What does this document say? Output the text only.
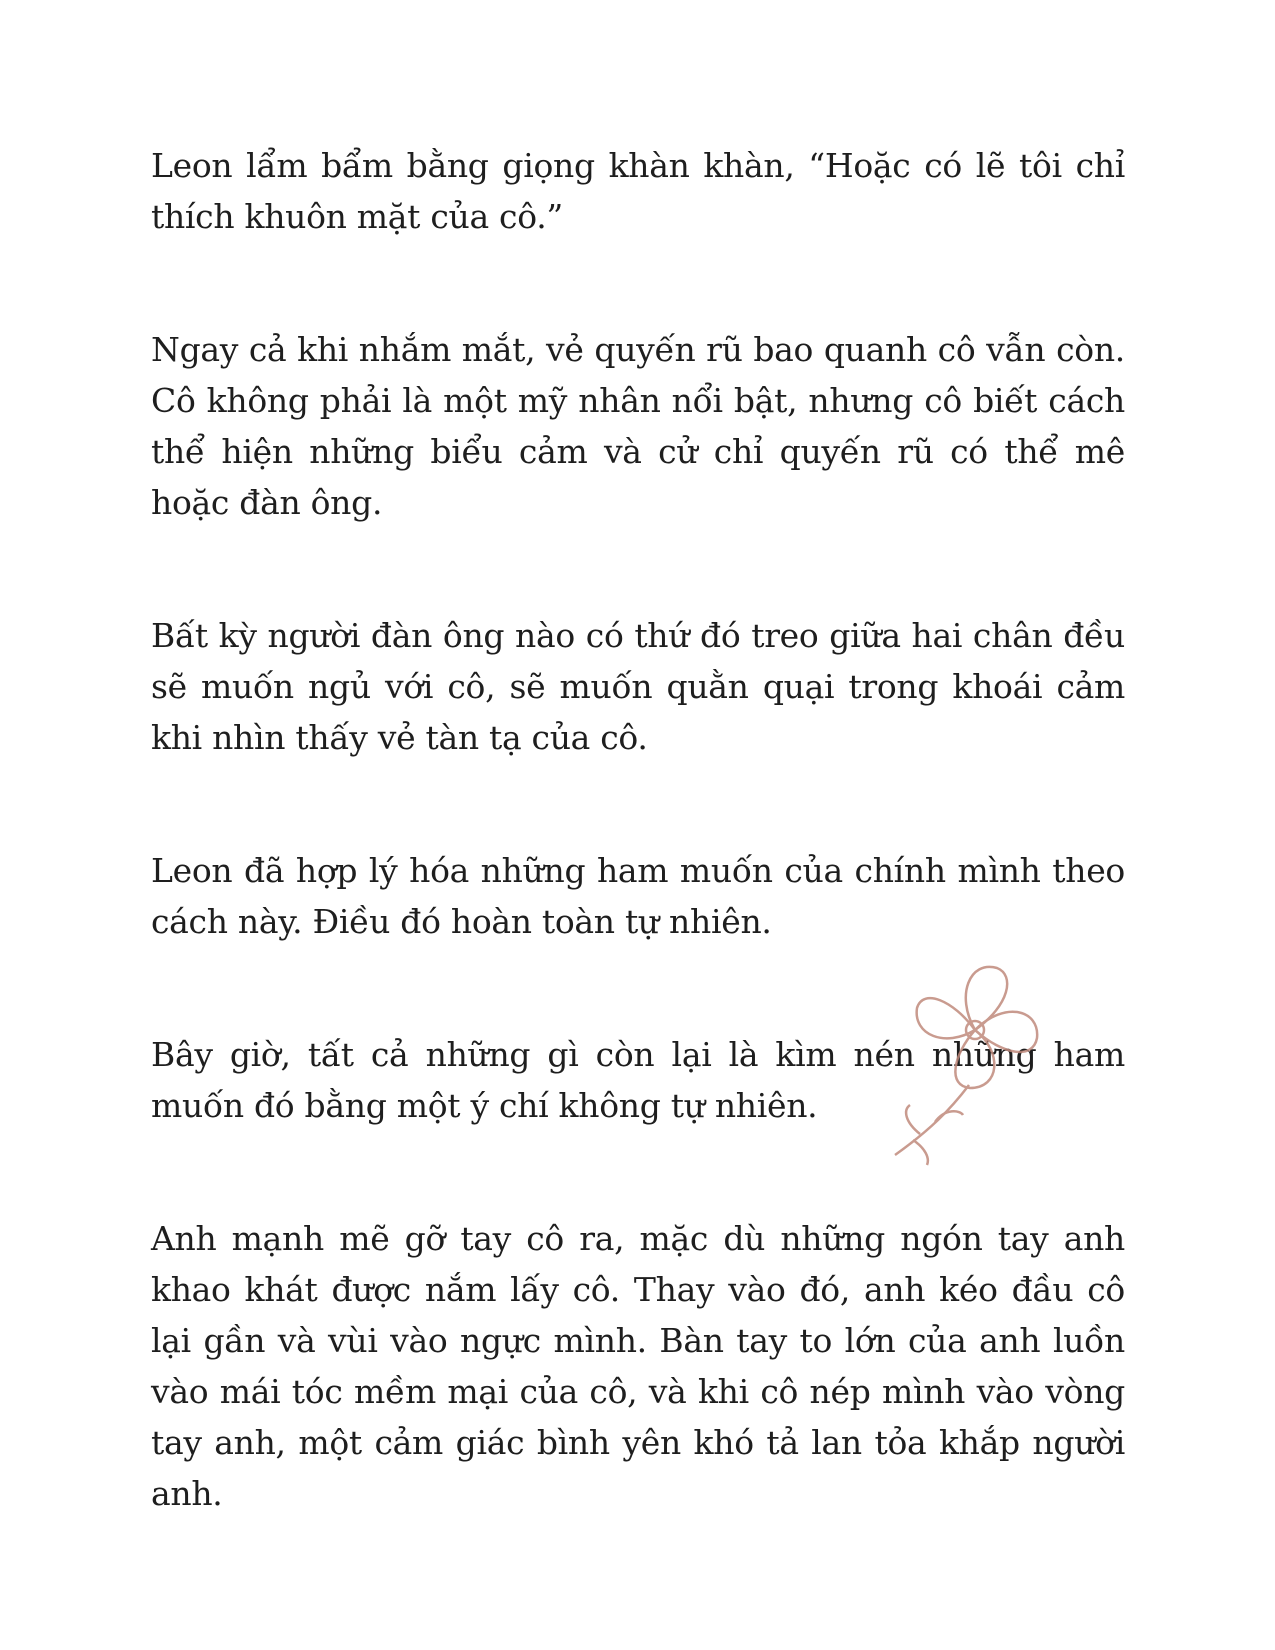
Leon lẩm bẩm bằng giọng khàn khàn, “Hoặc có lẽ tôi chỉ thích khuôn mặt của cô.”

Ngay cả khi nhắm mắt, vẻ quyến rũ bao quanh cô vẫn còn. Cô không phải là một mỹ nhân nổi bật, nhưng cô biết cách thể hiện những biểu cảm và cử chỉ quyến rũ có thể mê hoặc đàn ông.

Bất kỳ người đàn ông nào có thứ đó treo giữa hai chân đều sẽ muốn ngủ với cô, sẽ muốn quằn quại trong khoái cảm khi nhìn thấy vẻ tàn tạ của cô.

Leon đã hợp lý hóa những ham muốn của chính mình theo cách này. Điều đó hoàn toàn tự nhiên.

Bây giờ, tất cả những gì còn lại là kìm nén những ham muốn đó bằng một ý chí không tự nhiên.

Anh mạnh mẽ gỡ tay cô ra, mặc dù những ngón tay anh khao khát được nắm lấy cô. Thay vào đó, anh kéo đầu cô lại gần và vùi vào ngực mình. Bàn tay to lớn của anh luồn vào mái tóc mềm mại của cô, và khi cô nép mình vào vòng tay anh, một cảm giác bình yên khó tả lan tỏa khắp người anh.
